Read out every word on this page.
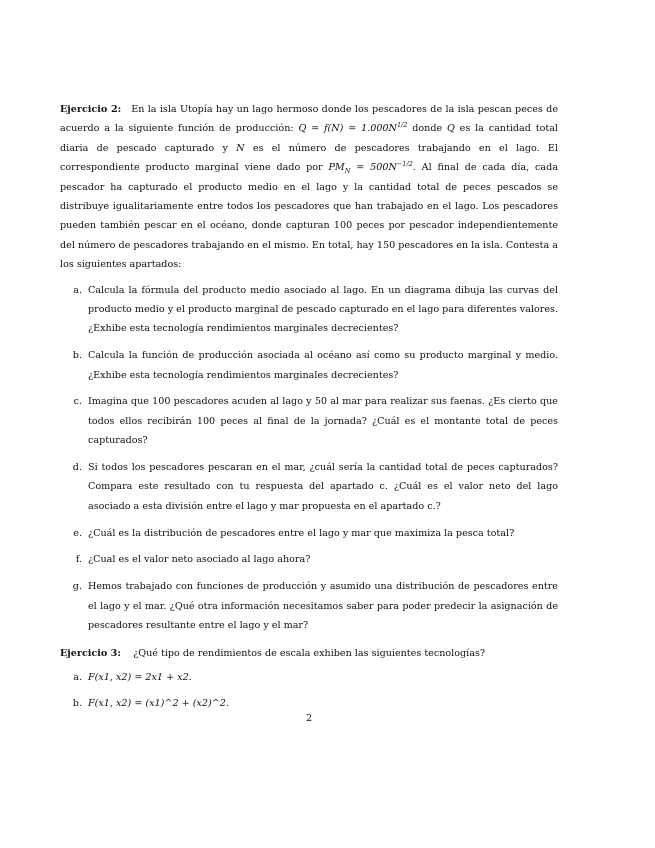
Ejercicio 2: En la isla Utopía hay un lago hermoso donde los pescadores de la isla pescan peces de acuerdo a la siguiente función de producción: $Q = f(N) = 1.000N^{1/2}$ donde Q es la cantidad total diaria de pescado capturado y N es el número de pescadores trabajando en el lago. El correspondiente producto marginal viene dado por $PM_N = 500N^{-1/2}$. Al final de cada día, cada pescador ha capturado el producto medio en el lago y la cantidad total de peces pescados se distribuye igualitariamente entre todos los pescadores que han trabajado en el lago. Los pescadores pueden también pescar en el océano, donde capturan 100 peces por pescador independientemente del número de pescadores trabajando en el mismo. En total, hay 150 pescadores en la isla. Contesta a los siguientes apartados:

a. Calcula la fórmula del producto medio asociado al lago. En un diagrama dibuja las curvas del producto medio y el producto marginal de pescado capturado en el lago para diferentes valores. ¿Exhibe esta tecnología rendimientos marginales decrecientes?
b. Calcula la función de producción asociada al océano así como su producto marginal y medio. ¿Exhibe esta tecnología rendimientos marginales decrecientes?
c. Imagina que 100 pescadores acuden al lago y 50 al mar para realizar sus faenas. ¿Es cierto que todos ellos recibirán 100 peces al final de la jornada? ¿Cuál es el montante total de peces capturados?
d. Si todos los pescadores pescaran en el mar, ¿cuál sería la cantidad total de peces capturados? Compara este resultado con tu respuesta del apartado c. ¿Cuál es el valor neto del lago asociado a esta división entre el lago y mar propuesta en el apartado c.?
e. ¿Cuál es la distribución de pescadores entre el lago y mar que maximiza la pesca total?
f. ¿Cual es el valor neto asociado al lago ahora?
g. Hemos trabajado con funciones de producción y asumido una distribución de pescadores entre el lago y el mar. ¿Qué otra información necesitamos saber para poder predecir la asignación de pescadores resultante entre el lago y el mar?

Ejercicio 3: ¿Qué tipo de rendimientos de escala exhiben las siguientes tecnologías?

a. F(x1, x2) = 2x1 + x2.
b. F(x1, x2) = (x1)^2 + (x2)^2.
2
